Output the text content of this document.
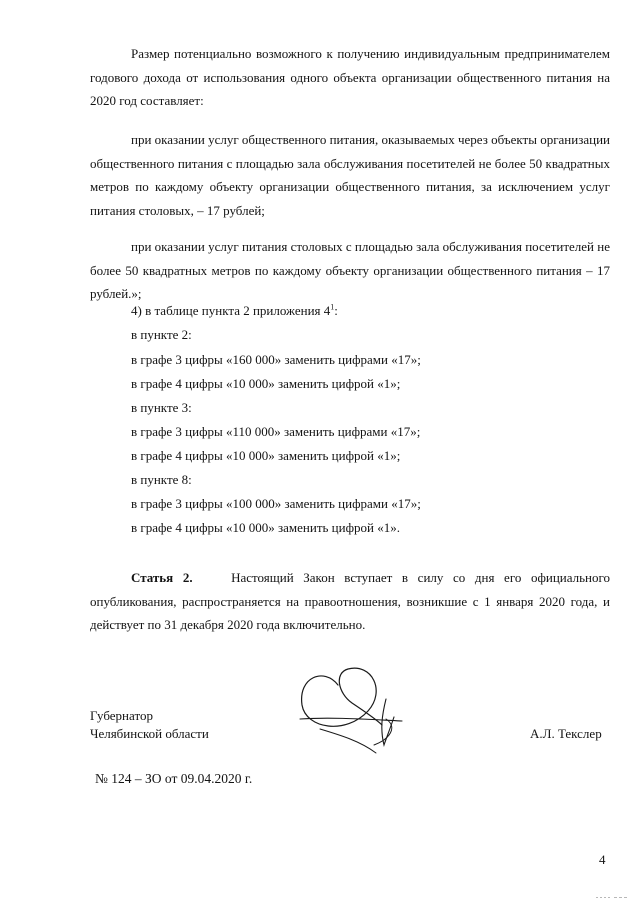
Размер потенциально возможного к получению индивидуальным предпринимателем годового дохода от использования одного объекта организации общественного питания на 2020 год составляет:

при оказании услуг общественного питания, оказываемых через объекты организации общественного питания с площадью зала обслуживания посетителей не более 50 квадратных метров по каждому объекту организации общественного питания, за исключением услуг питания столовых, – 17 рублей;

при оказании услуг питания столовых с площадью зала обслуживания посетителей не более 50 квадратных метров по каждому объекту организации общественного питания – 17 рублей.»;

4) в таблице пункта 2 приложения $4^1$:

в пункте 2:

в графе 3 цифры «160 000» заменить цифрами «17»;

в графе 4 цифры «10 000» заменить цифрой «1»;

в пункте 3:

в графе 3 цифры «110 000» заменить цифрами «17»;

в графе 4 цифры «10 000» заменить цифрой «1»;

в пункте 8:

в графе 3 цифры «100 000» заменить цифрами «17»;

в графе 4 цифры «10 000» заменить цифрой «1».

Статья 2.	Настоящий Закон вступает в силу со дня его официального опубликования, распространяется на правоотношения, возникшие с 1 января 2020 года, и действует по 31 декабря 2020 года включительно.

Губернатор
Челябинской области	А.Л. Текслер
№ 124 – ЗО от 09.04.2020 г.
4
